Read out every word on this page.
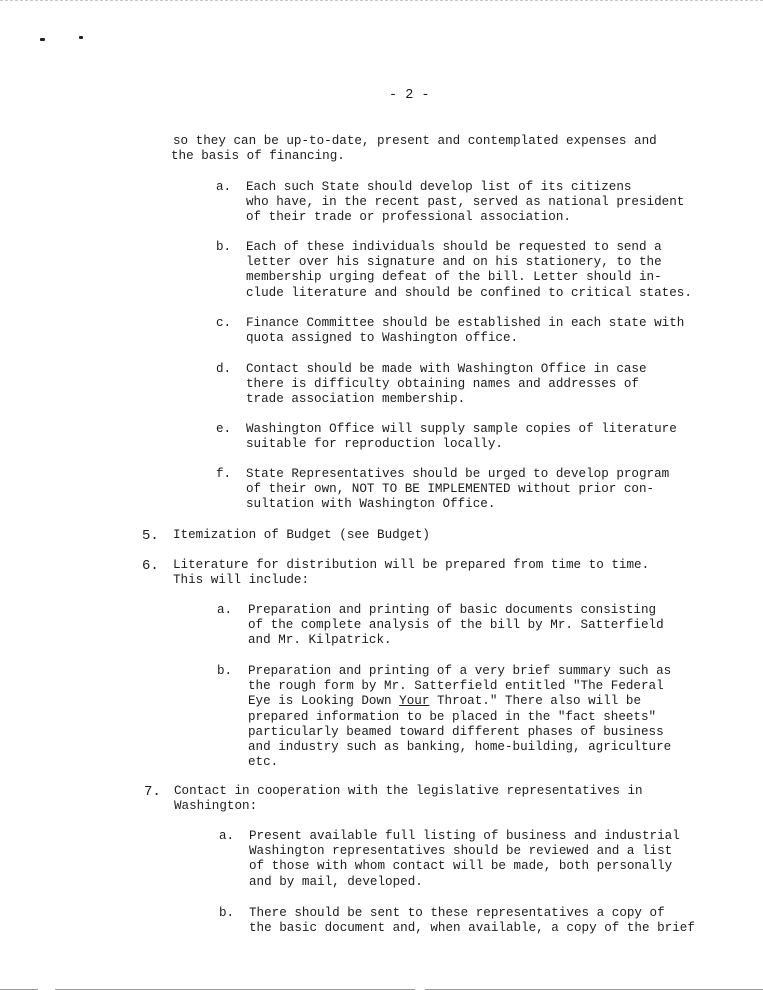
- 2 -
so they can be up-to-date, present and contemplated expenses and
the basis of financing.
a. Each such State should develop list of its citizens
who have, in the recent past, served as national president
of their trade or professional association.
b. Each of these individuals should be requested to send a
letter over his signature and on his stationery, to the
membership urging defeat of the bill. Letter should in-
clude literature and should be confined to critical states.
c. Finance Committee should be established in each state with
quota assigned to Washington office.
d. Contact should be made with Washington Office in case
there is difficulty obtaining names and addresses of
trade association membership.
e. Washington Office will supply sample copies of literature
suitable for reproduction locally.
f. State Representatives should be urged to develop program
of their own, NOT TO BE IMPLEMENTED without prior con-
sultation with Washington Office.
5. Itemization of Budget (see Budget)
6. Literature for distribution will be prepared from time to time.
This will include:
a. Preparation and printing of basic documents consisting
of the complete analysis of the bill by Mr. Satterfield
and Mr. Kilpatrick.
b. Preparation and printing of a very brief summary such as
the rough form by Mr. Satterfield entitled "The Federal
Eye is Looking Down Your Throat." There also will be
prepared information to be placed in the "fact sheets"
particularly beamed toward different phases of business
and industry such as banking, home-building, agriculture
etc.
7. Contact in cooperation with the legislative representatives in
Washington:
a. Present available full listing of business and industrial
Washington representatives should be reviewed and a list
of those with whom contact will be made, both personally
and by mail, developed.
b. There should be sent to these representatives a copy of
the basic document and, when available, a copy of the brief
